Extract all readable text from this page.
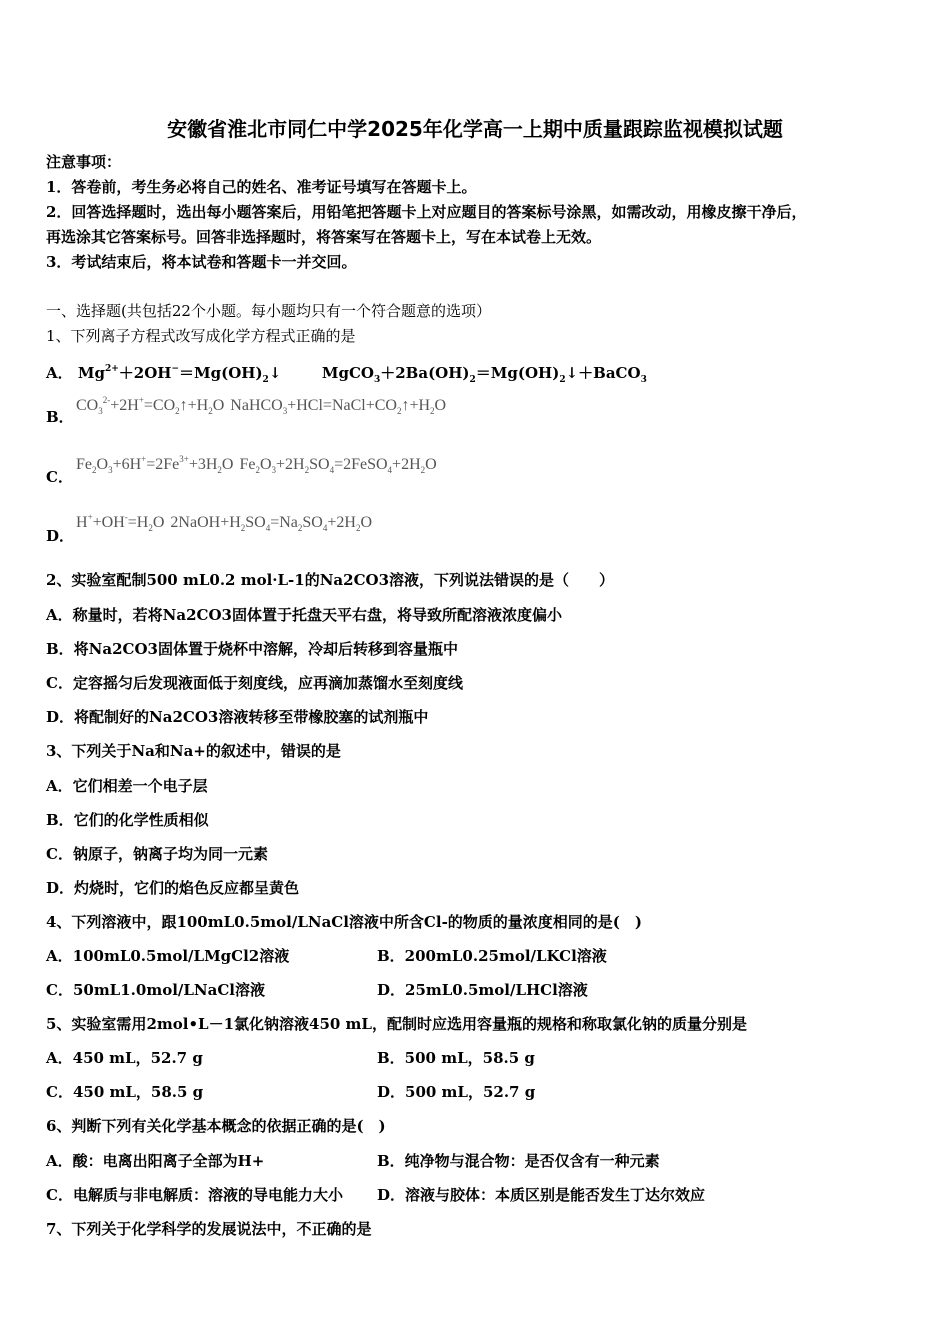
安徽省淮北市同仁中学2025年化学高一上期中质量跟踪监视模拟试题
注意事项：
1．答卷前，考生务必将自己的姓名、准考证号填写在答题卡上。
2．回答选择题时，选出每小题答案后，用铅笔把答题卡上对应题目的答案标号涂黑，如需改动，用橡皮擦干净后，
再选涂其它答案标号。回答非选择题时，将答案写在答题卡上，写在本试卷上无效。
3．考试结束后，将本试卷和答题卡一并交回。
一、选择题(共包括22个小题。每小题均只有一个符合题意的选项）
1、下列离子方程式改写成化学方程式正确的是
A． $Mg^{2+}+2OH^-=Mg(OH)_2↓$	$MgCO_3+2Ba(OH)_2=Mg(OH)_2↓+BaCO_3$
B．
$CO_3^{2-}+2H^+=CO_2↑+H_2O$ $NaHCO_3+HCl=NaCl+CO_2↑+H_2O$
C．
$Fe_2O_3+6H^+=2Fe^{3+}+3H_2O$ $Fe_2O_3+2H_2SO_4=2FeSO_4+2H_2O$
D．
$H^++OH^-=H_2O$ $2NaOH+H_2SO_4=Na_2SO_4+2H_2O$
2、实验室配制500 mL0.2 mol·L-1的Na2CO3溶液，下列说法错误的是（　　）
A．称量时，若将Na2CO3固体置于托盘天平右盘，将导致所配溶液浓度偏小
B．将Na2CO3固体置于烧杯中溶解，冷却后转移到容量瓶中
C．定容摇匀后发现液面低于刻度线，应再滴加蒸馏水至刻度线
D．将配制好的Na2CO3溶液转移至带橡胶塞的试剂瓶中
3、下列关于Na和Na+的叙述中，错误的是
A．它们相差一个电子层
B．它们的化学性质相似
C．钠原子，钠离子均为同一元素
D．灼烧时，它们的焰色反应都呈黄色
4、下列溶液中，跟100mL0.5mol/LNaCl溶液中所含Cl-的物质的量浓度相同的是(　)
A．100mL0.5mol/LMgCl2溶液	B．200mL0.25mol/LKCl溶液
C．50mL1.0mol/LNaCl溶液	D．25mL0.5mol/LHCl溶液
5、实验室需用2mol•L－1氯化钠溶液450 mL，配制时应选用容量瓶的规格和称取氯化钠的质量分别是
A．450 mL，52.7 g	B．500 mL，58.5 g
C．450 mL，58.5 g	D．500 mL，52.7 g
6、判断下列有关化学基本概念的依据正确的是(　)
A．酸：电离出阳离子全部为H+	B．纯净物与混合物：是否仅含有一种元素
C．电解质与非电解质：溶液的导电能力大小 D．溶液与胶体：本质区别是能否发生丁达尔效应
7、下列关于化学科学的发展说法中，不正确的是
